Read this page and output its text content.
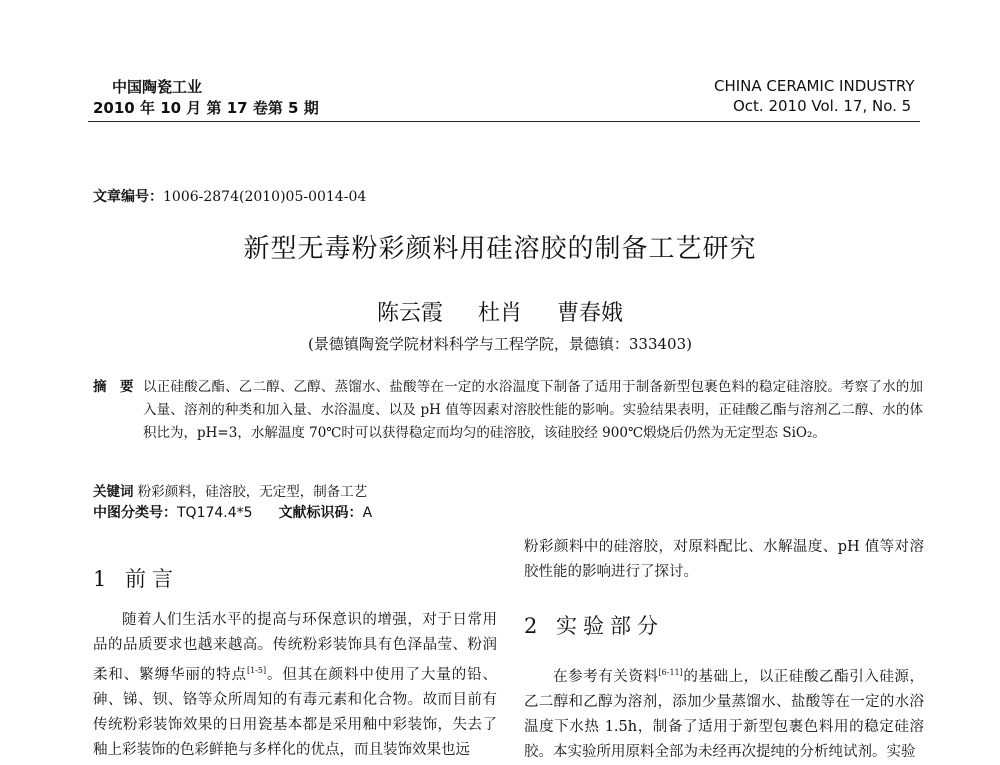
中国陶瓷工业
2010 年 10 月 第 17 卷第 5 期
CHINA CERAMIC INDUSTRY
Oct. 2010 Vol. 17, No. 5
文章编号：1006-2874(2010)05-0014-04
新型无毒粉彩颜料用硅溶胶的制备工艺研究
陈云霞 杜肖 曹春娥
(景德镇陶瓷学院材料科学与工程学院，景德镇：333403)
摘　要 以正硅酸乙酯、乙二醇、乙醇、蒸馏水、盐酸等在一定的水浴温度下制备了适用于制备新型包裹色料的稳定硅溶胶。考察了水的加入量、溶剂的种类和加入量、水浴温度、以及 pH 值等因素对溶胶性能的影响。实验结果表明，正硅酸乙酯与溶剂乙二醇、水的体积比为，pH=3，水解温度 70℃时可以获得稳定而均匀的硅溶胶，该硅胶经 900℃煅烧后仍然为无定型态 SiO₂。
关键词 粉彩颜料，硅溶胶，无定型，制备工艺
中图分类号：TQ174.4*5 文献标识码：A
1 前言
随着人们生活水平的提高与环保意识的增强，对于日常用品的品质要求也越来越高。传统粉彩装饰具有色泽晶莹、粉润柔和、繁缛华丽的特点[1-5]。但其在颜料中使用了大量的铅、砷、锑、钡、铬等众所周知的有毒元素和化合物。故而目前有传统粉彩装饰效果的日用瓷基本都是采用釉中彩装饰，失去了釉上彩装饰的色彩鲜艳与多样化的优点，而且装饰效果也远
粉彩颜料中的硅溶胶，对原料配比、水解温度、pH 值等对溶胶性能的影响进行了探讨。
2 实验部分
在参考有关资料[6-11]的基础上，以正硅酸乙酯引入硅源，乙二醇和乙醇为溶剂，添加少量蒸馏水、盐酸等在一定的水浴温度下水热 1.5h，制备了适用于新型包裹色料用的稳定硅溶胶。本实验所用原料全部为未经再次提纯的分析纯试剂。实验
